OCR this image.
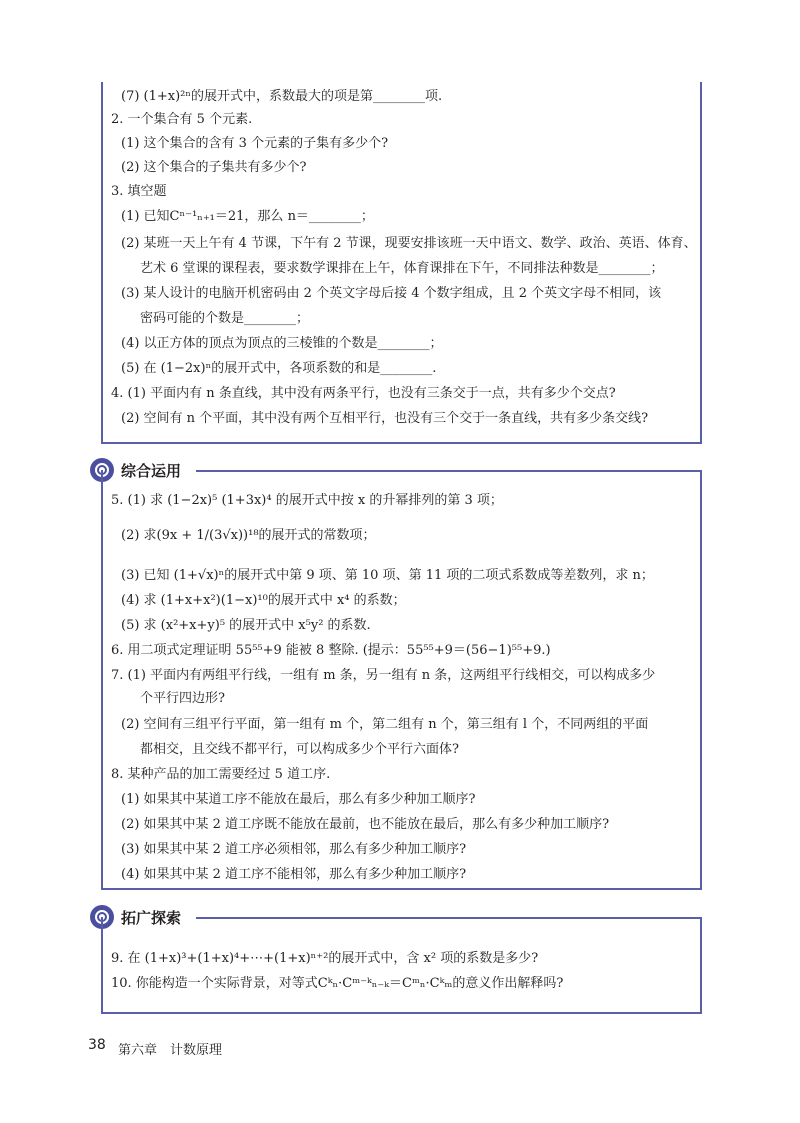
(7) (1+x)²ⁿ的展开式中，系数最大的项是第________项.
2. 一个集合有 5 个元素.
(1) 这个集合的含有 3 个元素的子集有多少个?
(2) 这个集合的子集共有多少个?
3. 填空题
(1) 已知Cⁿ⁻¹ₙ₊₁＝21，那么 n＝________；
(2) 某班一天上午有 4 节课，下午有 2 节课，现要安排该班一天中语文、数学、政治、英语、体育、
艺术 6 堂课的课程表，要求数学课排在上午，体育课排在下午，不同排法种数是________；
(3) 某人设计的电脑开机密码由 2 个英文字母后接 4 个数字组成，且 2 个英文字母不相同，该
密码可能的个数是________；
(4) 以正方体的顶点为顶点的三棱锥的个数是________；
(5) 在 (1−2x)ⁿ的展开式中，各项系数的和是________.
4. (1) 平面内有 n 条直线，其中没有两条平行，也没有三条交于一点，共有多少个交点?
(2) 空间有 n 个平面，其中没有两个互相平行，也没有三个交于一条直线，共有多少条交线?
综合运用
5. (1) 求 (1−2x)⁵ (1+3x)⁴ 的展开式中按 x 的升幂排列的第 3 项；
(2) 求(9x + 1/(3√x))¹⁸的展开式的常数项；
(3) 已知 (1+√x)ⁿ的展开式中第 9 项、第 10 项、第 11 项的二项式系数成等差数列，求 n；
(4) 求 (1+x+x²)(1−x)¹⁰的展开式中 x⁴ 的系数；
(5) 求 (x²+x+y)⁵ 的展开式中 x⁵y² 的系数.
6. 用二项式定理证明 55⁵⁵+9 能被 8 整除. (提示：55⁵⁵+9＝(56−1)⁵⁵+9.)
7. (1) 平面内有两组平行线，一组有 m 条，另一组有 n 条，这两组平行线相交，可以构成多少
个平行四边形?
(2) 空间有三组平行平面，第一组有 m 个，第二组有 n 个，第三组有 l 个，不同两组的平面
都相交，且交线不都平行，可以构成多少个平行六面体?
8. 某种产品的加工需要经过 5 道工序.
(1) 如果其中某道工序不能放在最后，那么有多少种加工顺序?
(2) 如果其中某 2 道工序既不能放在最前，也不能放在最后，那么有多少种加工顺序?
(3) 如果其中某 2 道工序必须相邻，那么有多少种加工顺序?
(4) 如果其中某 2 道工序不能相邻，那么有多少种加工顺序?
拓广探索
9. 在 (1+x)³+(1+x)⁴+⋯+(1+x)ⁿ⁺²的展开式中，含 x² 项的系数是多少?
10. 你能构造一个实际背景，对等式Cᵏₙ·Cᵐ⁻ᵏₙ₋ₖ＝Cᵐₙ·Cᵏₘ的意义作出解释吗?
38 第六章　计数原理
